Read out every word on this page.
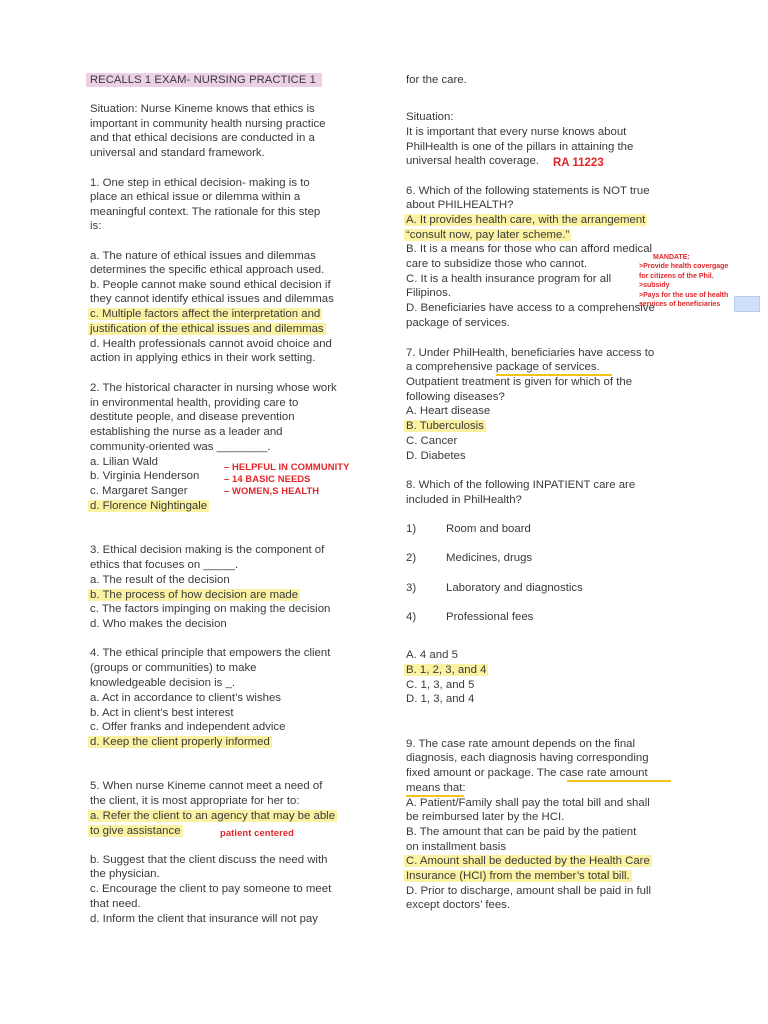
RECALLS 1 EXAM- NURSING PRACTICE 1
Situation: Nurse Kineme knows that ethics is
important in community health nursing practice
and that ethical decisions are conducted in a
universal and standard framework.
1. One step in ethical decision- making is to
place an ethical issue or dilemma within a
meaningful context. The rationale for this step
is:
a. The nature of ethical issues and dilemmas
determines the specific ethical approach used.
b. People cannot make sound ethical decision if
they cannot identify ethical issues and dilemmas
c. Multiple factors affect the interpretation and
justification of the ethical issues and dilemmas
d. Health professionals cannot avoid choice and
action in applying ethics in their work setting.
2. The historical character in nursing whose work
in environmental health, providing care to
destitute people, and disease prevention
establishing the nurse as a leader and
community-oriented was ________.
a. Lilian Wald
b. Virginia Henderson
c. Margaret Sanger
d. Florence Nightingale
– HELPFUL IN COMMUNITY
– 14 BASIC NEEDS
– WOMEN,S HEALTH
3. Ethical decision making is the component of
ethics that focuses on _____.
a. The result of the decision
b. The process of how decision are made
c. The factors impinging on making the decision
d. Who makes the decision
4. The ethical principle that empowers the client
(groups or communities) to make
knowledgeable decision is _.
a. Act in accordance to client’s wishes
b. Act in client’s best interest
c. Offer franks and independent advice
d. Keep the client properly informed
5. When nurse Kineme cannot meet a need of
the client, it is most appropriate for her to:
a. Refer the client to an agency that may be able
to give assistance	patient centered
b. Suggest that the client discuss the need with
the physician.
c. Encourage the client to pay someone to meet
that need.
d. Inform the client that insurance will not pay
for the care.
Situation:
It is important that every nurse knows about
PhilHealth is one of the pillars in attaining the
universal health coverage. RA 11223
6. Which of the following statements is NOT true
about PHILHEALTH?
A. It provides health care, with the arrangement
“consult now, pay later scheme.”
B. It is a means for those who can afford medical
care to subsidize those who cannot.
C. It is a health insurance program for all
Filipinos.
D. Beneficiaries have access to a comprehensive
package of services.
MANDATE:
>Provide health covergage
for citizens of the Phil.
>subsidy
>Pays for the use of health
services of beneficiaries
7. Under PhilHealth, beneficiaries have access to
a comprehensive package of services.
Outpatient treatment is given for which of the
following diseases?
A. Heart disease
B. Tuberculosis
C. Cancer
D. Diabetes
8. Which of the following INPATIENT care are
included in PhilHealth?
1)	Room and board
2)	Medicines, drugs
3)	Laboratory and diagnostics
4)	Professional fees
A. 4 and 5
B. 1, 2, 3, and 4
C. 1, 3, and 5
D. 1, 3, and 4
9. The case rate amount depends on the final
diagnosis, each diagnosis having corresponding
fixed amount or package. The case rate amount
means that:
A. Patient/Family shall pay the total bill and shall
be reimbursed later by the HCI.
B. The amount that can be paid by the patient
on installment basis
C. Amount shall be deducted by the Health Care
Insurance (HCI) from the member’s total bill.
D. Prior to discharge, amount shall be paid in full
except doctors’ fees.
